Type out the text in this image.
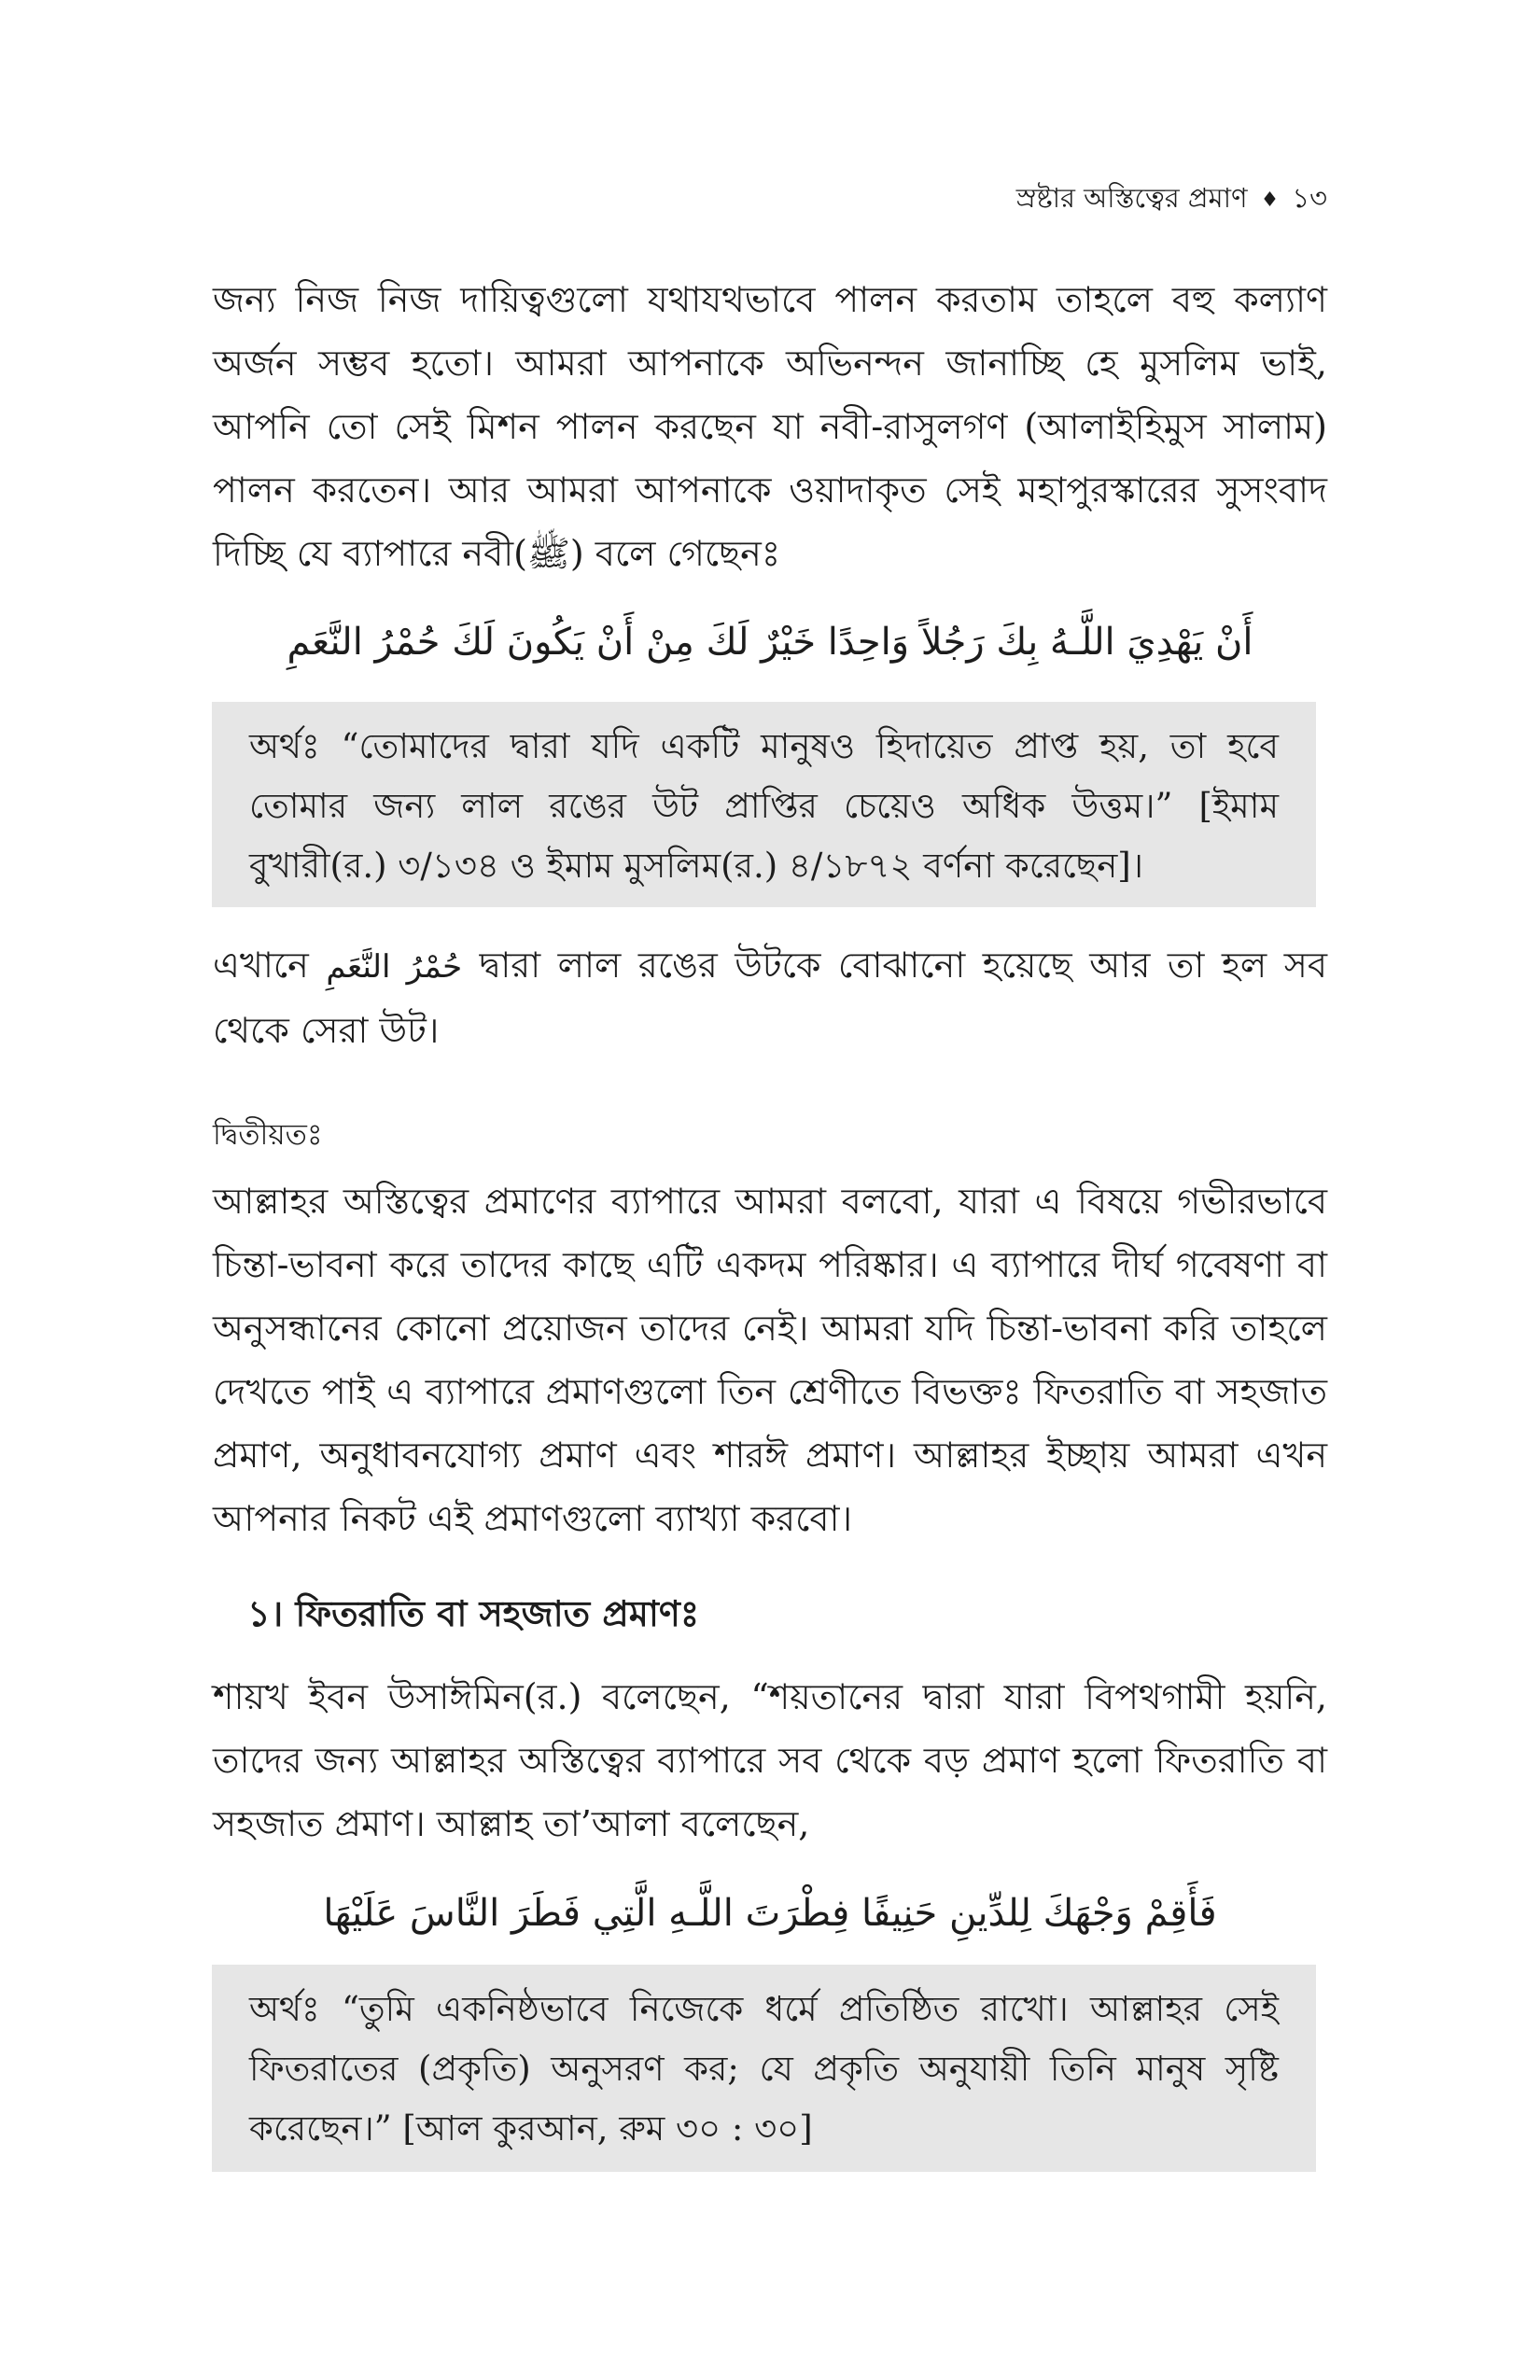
স্রষ্টার অস্তিত্বের প্রমাণ ♦ ১৩

জন্য নিজ নিজ দায়িত্বগুলো যথাযথভাবে পালন করতাম তাহলে বহু কল্যাণ অর্জন সম্ভব হতো। আমরা আপনাকে অভিনন্দন জানাচ্ছি হে মুসলিম ভাই, আপনি তো সেই মিশন পালন করছেন যা নবী-রাসুলগণ (আলাইহিমুস সালাম) পালন করতেন। আর আমরা আপনাকে ওয়াদাকৃত সেই মহাপুরস্কারের সুসংবাদ দিচ্ছি যে ব্যাপারে নবী(ﷺ) বলে গেছেনঃ

أَنْ يَهْدِيَ اللَّـهُ بِكَ رَجُلاً وَاحِدًا خَيْرٌ لَكَ مِنْ أَنْ يَكُونَ لَكَ حُمْرُ النَّعَمِ

অর্থঃ “তোমাদের দ্বারা যদি একটি মানুষও হিদায়েত প্রাপ্ত হয়, তা হবে তোমার জন্য লাল রঙের উট প্রাপ্তির চেয়েও অধিক উত্তম।” [ইমাম বুখারী(র.) ৩/১৩৪ ও ইমাম মুসলিম(র.) ৪/১৮৭২ বর্ণনা করেছেন]।

এখানে حُمْرُ النَّعَمِ দ্বারা লাল রঙের উটকে বোঝানো হয়েছে আর তা হল সব থেকে সেরা উট।

দ্বিতীয়তঃ

আল্লাহর অস্তিত্বের প্রমাণের ব্যাপারে আমরা বলবো, যারা এ বিষয়ে গভীরভাবে চিন্তা-ভাবনা করে তাদের কাছে এটি একদম পরিষ্কার। এ ব্যাপারে দীর্ঘ গবেষণা বা অনুসন্ধানের কোনো প্রয়োজন তাদের নেই। আমরা যদি চিন্তা-ভাবনা করি তাহলে দেখতে পাই এ ব্যাপারে প্রমাণগুলো তিন শ্রেণীতে বিভক্তঃ ফিতরাতি বা সহজাত প্রমাণ, অনুধাবনযোগ্য প্রমাণ এবং শারঈ প্রমাণ। আল্লাহর ইচ্ছায় আমরা এখন আপনার নিকট এই প্রমাণগুলো ব্যাখ্যা করবো।

১। ফিতরাতি বা সহজাত প্রমাণঃ

শায়খ ইবন উসাঈমিন(র.) বলেছেন, “শয়তানের দ্বারা যারা বিপথগামী হয়নি, তাদের জন্য আল্লাহর অস্তিত্বের ব্যাপারে সব থেকে বড় প্রমাণ হলো ফিতরাতি বা সহজাত প্রমাণ। আল্লাহ তা’আলা বলেছেন,

فَأَقِمْ وَجْهَكَ لِلدِّينِ حَنِيفًا فِطْرَتَ اللَّـهِ الَّتِي فَطَرَ النَّاسَ عَلَيْهَا

অর্থঃ “তুমি একনিষ্ঠভাবে নিজেকে ধর্মে প্রতিষ্ঠিত রাখো। আল্লাহর সেই ফিতরাতের (প্রকৃতি) অনুসরণ কর; যে প্রকৃতি অনুযায়ী তিনি মানুষ সৃষ্টি করেছেন।” [আল কুরআন, রুম ৩০ : ৩০]
